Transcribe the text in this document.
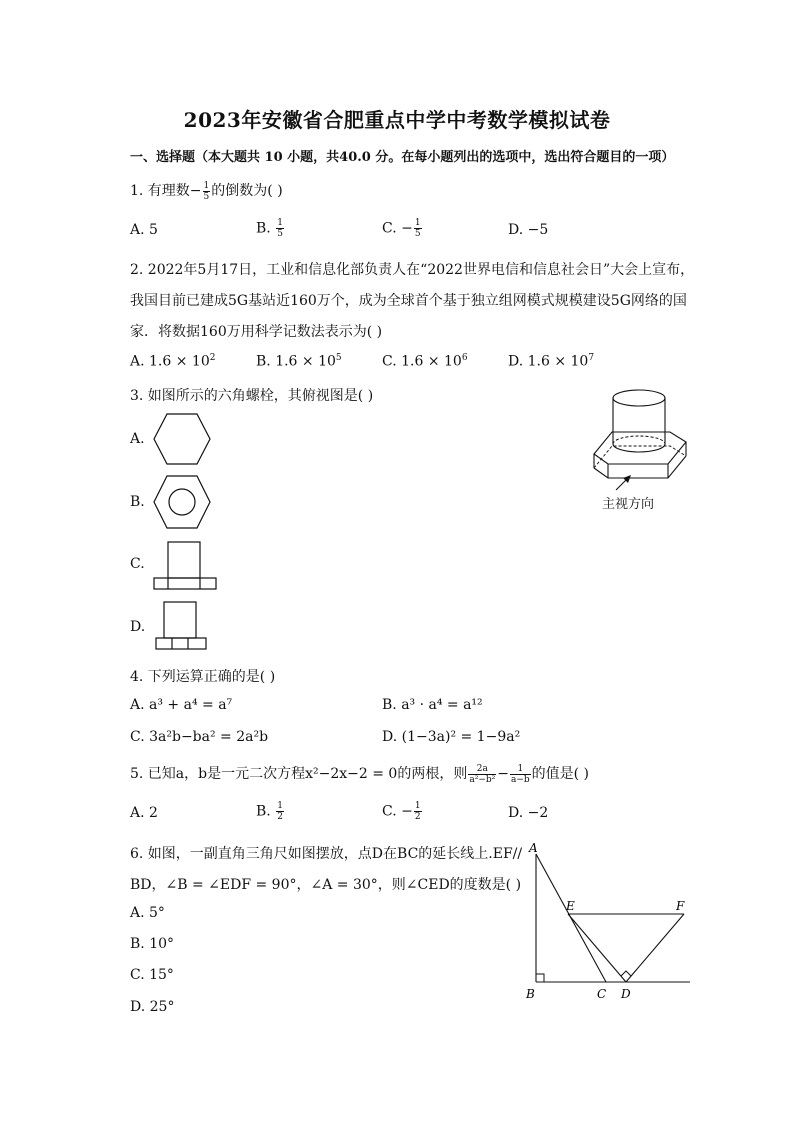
2023年安徽省合肥重点中学中考数学模拟试卷
一、选择题（本大题共 10 小题，共40.0 分。在每小题列出的选项中，选出符合题目的一项）
1. 有理数− $\frac{1}{5}$ 的倒数为( )
A. 5	B. $\frac{1}{5}$	C. − $\frac{1}{5}$	D. −5
2. 2022年5月17日，工业和信息化部负责人在“2022世界电信和信息社会日”大会上宣布，
我国目前已建成5G基站近160万个，成为全球首个基于独立组网模式规模建设5G网络的国
家．将数据160万用科学记数法表示为( )
A. $1.6 \times 10^2$	B. $1.6 \times 10^5$	C. $1.6 \times 10^6$	D. $1.6 \times 10^7$
3. 如图所示的六角螺栓，其俯视图是( )
A.
B.
C.
D.
主视方向
4. 下列运算正确的是( )
A. a³ + a⁴ = a⁷	B. a³ · a⁴ = a¹²
C. 3a²b−ba² = 2a²b	D. (1−3a)² = 1−9a²
5. 已知a，b是一元二次方程x²−2x−2 = 0的两根，则 $\frac{2a}{\text{a²−b²}} - \frac{1}{a-b}$ 的值是( )
A. 2	B. $\frac{1}{2}$	C. − $\frac{1}{2}$	D. −2
6. 如图，一副直角三角尺如图摆放，点D在BC的延长线上.EF//
BD，∠B = ∠EDF = 90°，∠A = 30°，则∠CED的度数是( )
A. 5°
B. 10°
C. 15°
D. 25°
A
B	C D
E	F
